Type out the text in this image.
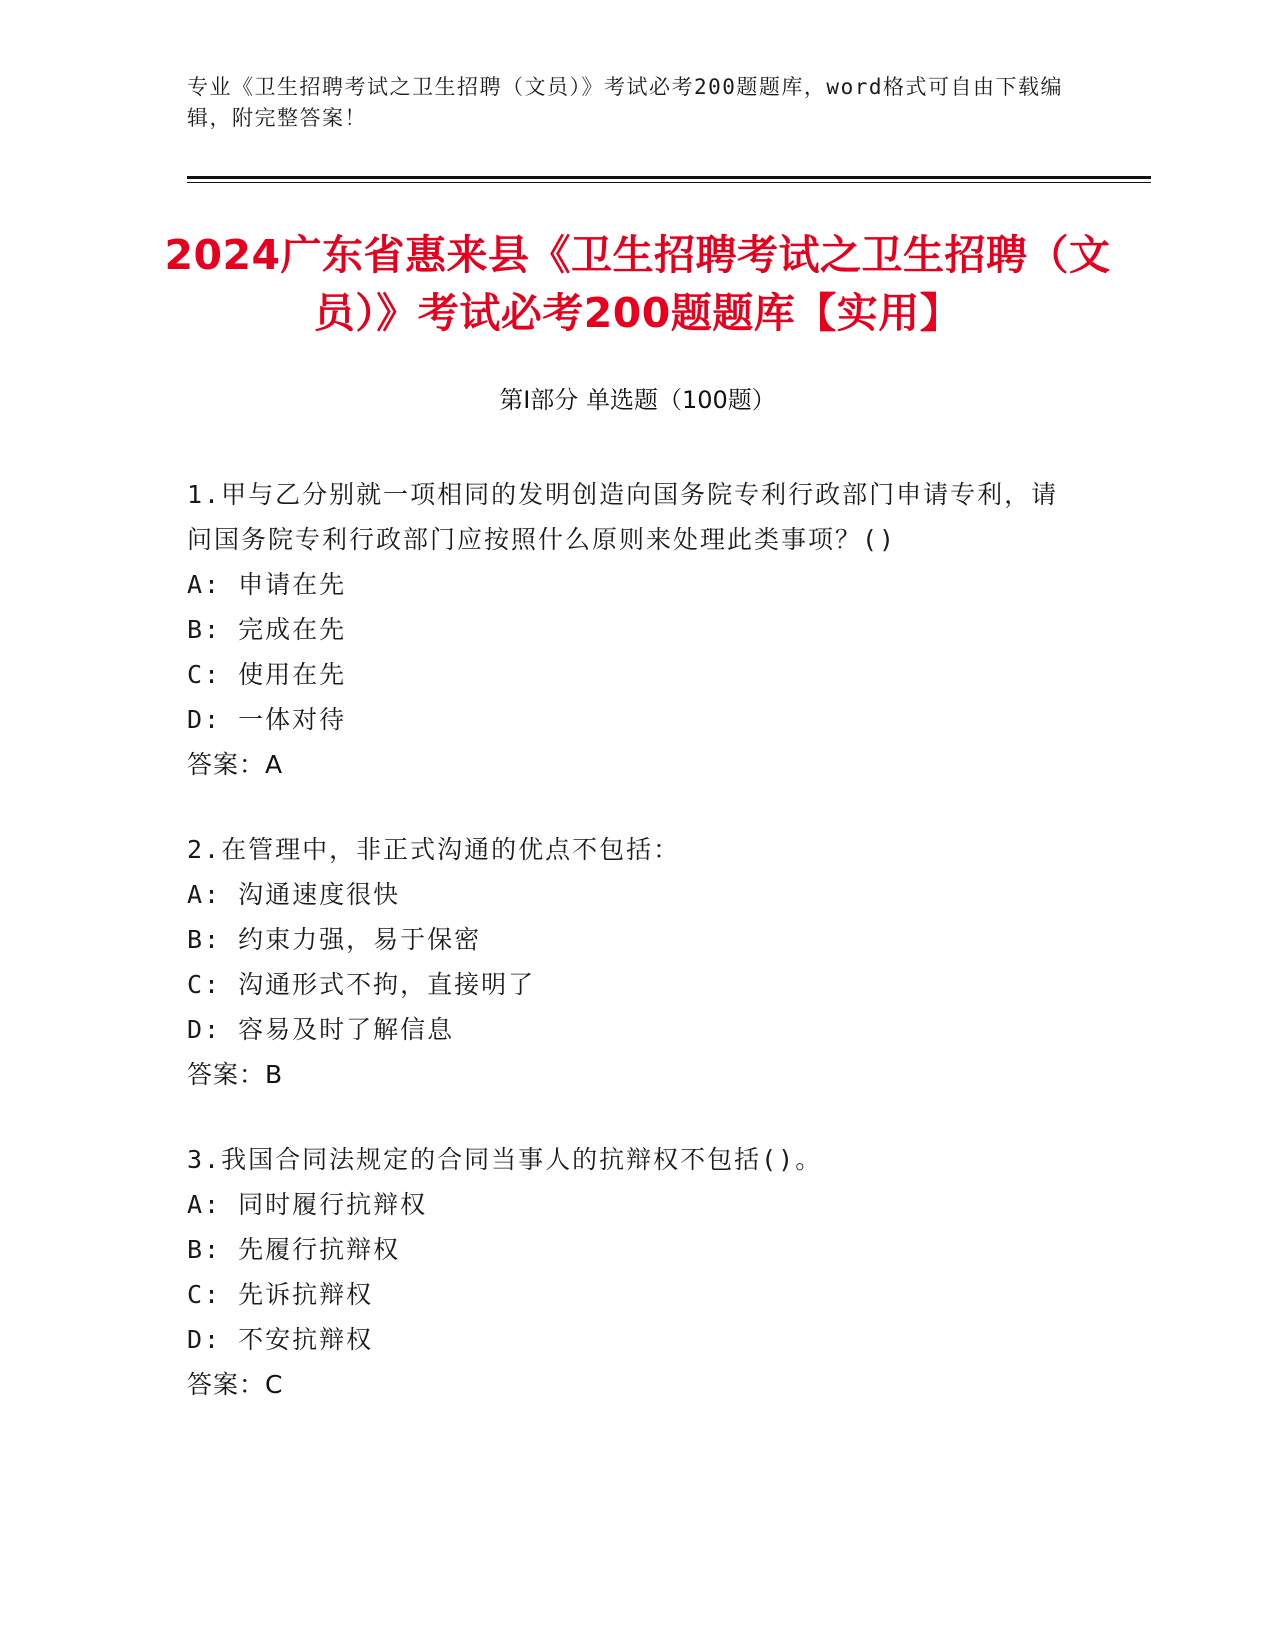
专业《卫生招聘考试之卫生招聘（文员）》考试必考200题题库，word格式可自由下载编辑，附完整答案！
2024广东省惠来县《卫生招聘考试之卫生招聘（文员）》考试必考200题题库【实用】
第Ⅰ部分 单选题（100题）
1.甲与乙分别就一项相同的发明创造向国务院专利行政部门申请专利，请问国务院专利行政部门应按照什么原则来处理此类事项？()
A: 申请在先
B: 完成在先
C: 使用在先
D: 一体对待
答案：A
2.在管理中，非正式沟通的优点不包括：
A: 沟通速度很快
B: 约束力强，易于保密
C: 沟通形式不拘，直接明了
D: 容易及时了解信息
答案：B
3.我国合同法规定的合同当事人的抗辩权不包括()。
A: 同时履行抗辩权
B: 先履行抗辩权
C: 先诉抗辩权
D: 不安抗辩权
答案：C
